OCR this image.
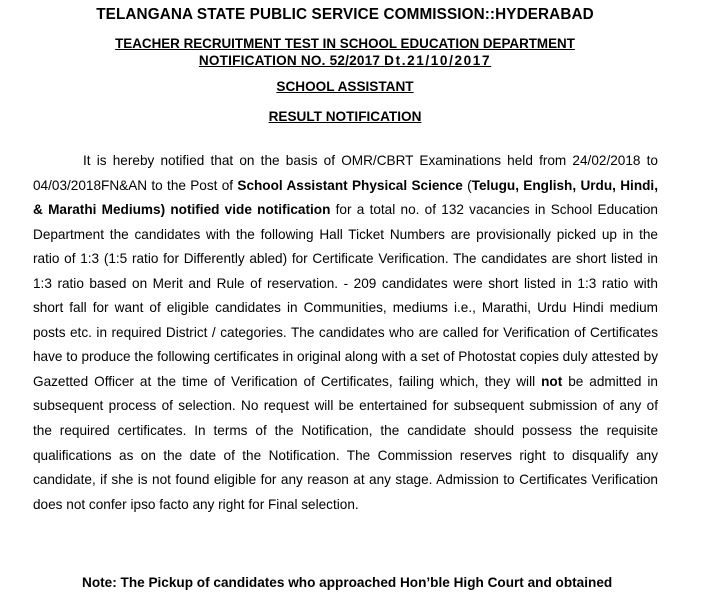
TELANGANA STATE PUBLIC SERVICE COMMISSION::HYDERABAD
TEACHER RECRUITMENT TEST IN SCHOOL EDUCATION DEPARTMENT
NOTIFICATION NO. 52/2017 Dt.21/10/2017
SCHOOL ASSISTANT
RESULT NOTIFICATION
It is hereby notified that on the basis of OMR/CBRT Examinations held from 24/02/2018 to 04/03/2018FN&AN to the Post of School Assistant Physical Science (Telugu, English, Urdu, Hindi, & Marathi Mediums) notified vide notification for a total no. of 132 vacancies in School Education Department the candidates with the following Hall Ticket Numbers are provisionally picked up in the ratio of 1:3 (1:5 ratio for Differently abled) for Certificate Verification. The candidates are short listed in 1:3 ratio based on Merit and Rule of reservation. - 209 candidates were short listed in 1:3 ratio with short fall for want of eligible candidates in Communities, mediums i.e., Marathi, Urdu Hindi medium posts etc. in required District / categories. The candidates who are called for Verification of Certificates have to produce the following certificates in original along with a set of Photostat copies duly attested by Gazetted Officer at the time of Verification of Certificates, failing which, they will not be admitted in subsequent process of selection. No request will be entertained for subsequent submission of any of the required certificates. In terms of the Notification, the candidate should possess the requisite qualifications as on the date of the Notification. The Commission reserves right to disqualify any candidate, if she is not found eligible for any reason at any stage. Admission to Certificates Verification does not confer ipso facto any right for Final selection.
Note: The Pickup of candidates who approached Hon’ble High Court and obtained
